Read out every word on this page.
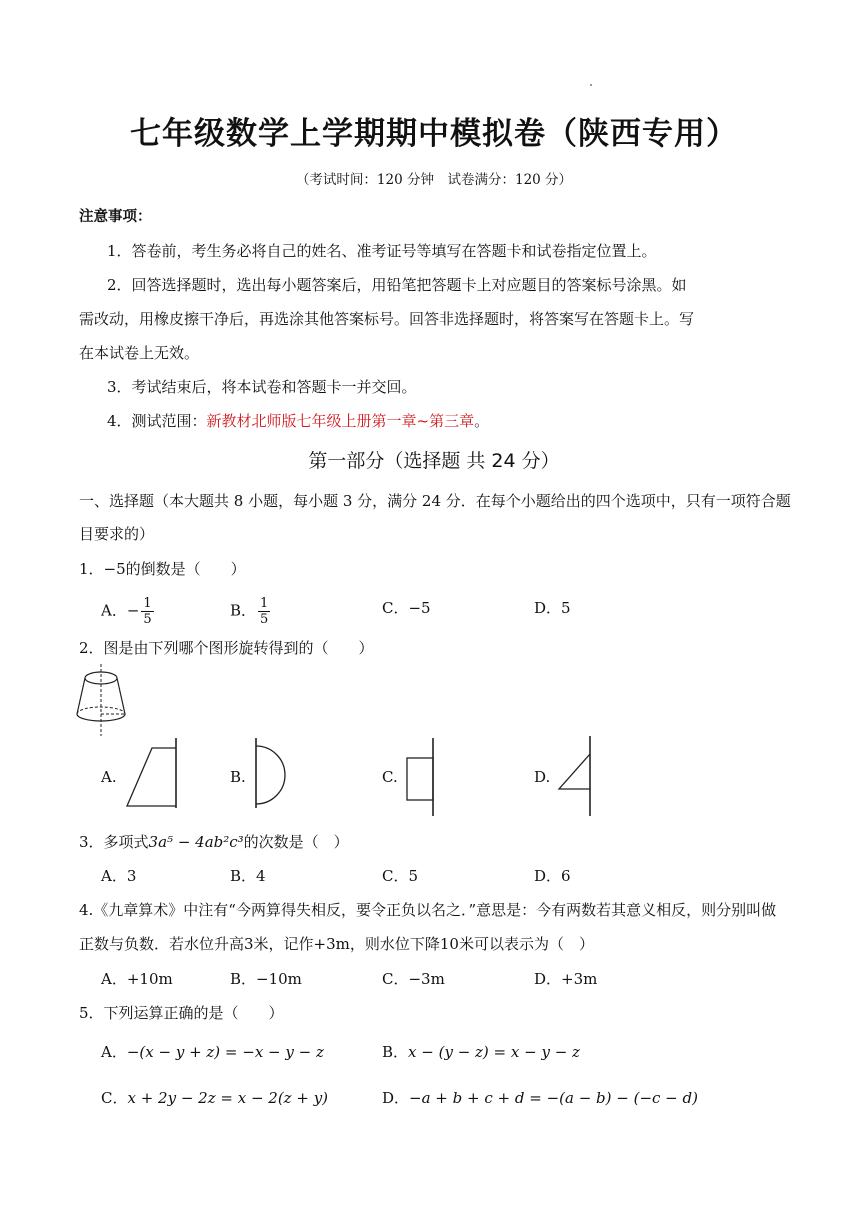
七年级数学上学期期中模拟卷（陕西专用）
（考试时间：120 分钟　试卷满分：120 分）
注意事项：
1．答卷前，考生务必将自己的姓名、准考证号等填写在答题卡和试卷指定位置上。
2．回答选择题时，选出每小题答案后，用铅笔把答题卡上对应题目的答案标号涂黑。如
需改动，用橡皮擦干净后，再选涂其他答案标号。回答非选择题时，将答案写在答题卡上。写
在本试卷上无效。
3．考试结束后，将本试卷和答题卡一并交回。
4．测试范围：新教材北师版七年级上册第一章~第三章。
第一部分（选择题 共 24 分）
一、选择题（本大题共 8 小题，每小题 3 分，满分 24 分．在每个小题给出的四个选项中，只有一项符合题
目要求的）
1．−5的倒数是（　　）
A．− $\frac{1}{5}$	B． $\frac{1}{5}$	C．−5	D．5
2．图是由下列哪个图形旋转得到的（　　）
A.	B.	C.	D.
3．多项式3a⁵ − 4ab²c³的次数是（　）
A．3	B．4	C．5	D．6
4.《九章算术》中注有“今两算得失相反，要令正负以名之．”意思是：今有两数若其意义相反，则分别叫做
正数与负数．若水位升高3米，记作+3m，则水位下降10米可以表示为（　）
A．+10m	B．−10m	C．−3m	D．+3m
5．下列运算正确的是（　　）
A．−(x − y + z) = −x − y − z	B．x − (y − z) = x − y − z
C．x + 2y − 2z = x − 2(z + y)	D．−a + b + c + d = −(a − b) − (−c − d)
